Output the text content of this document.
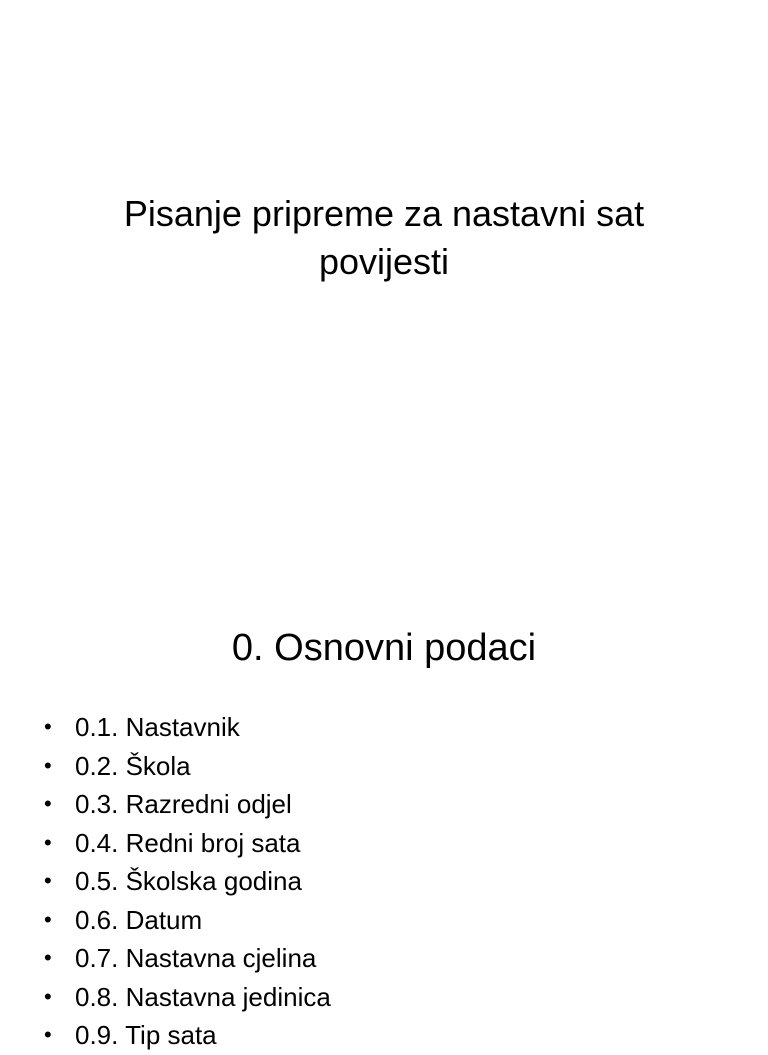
Pisanje pripreme za nastavni sat
povijesti
0. Osnovni podaci
• 0.1. Nastavnik
• 0.2. Škola
• 0.3. Razredni odjel
• 0.4. Redni broj sata
• 0.5. Školska godina
• 0.6. Datum
• 0.7. Nastavna cjelina
• 0.8. Nastavna jedinica
• 0.9. Tip sata
